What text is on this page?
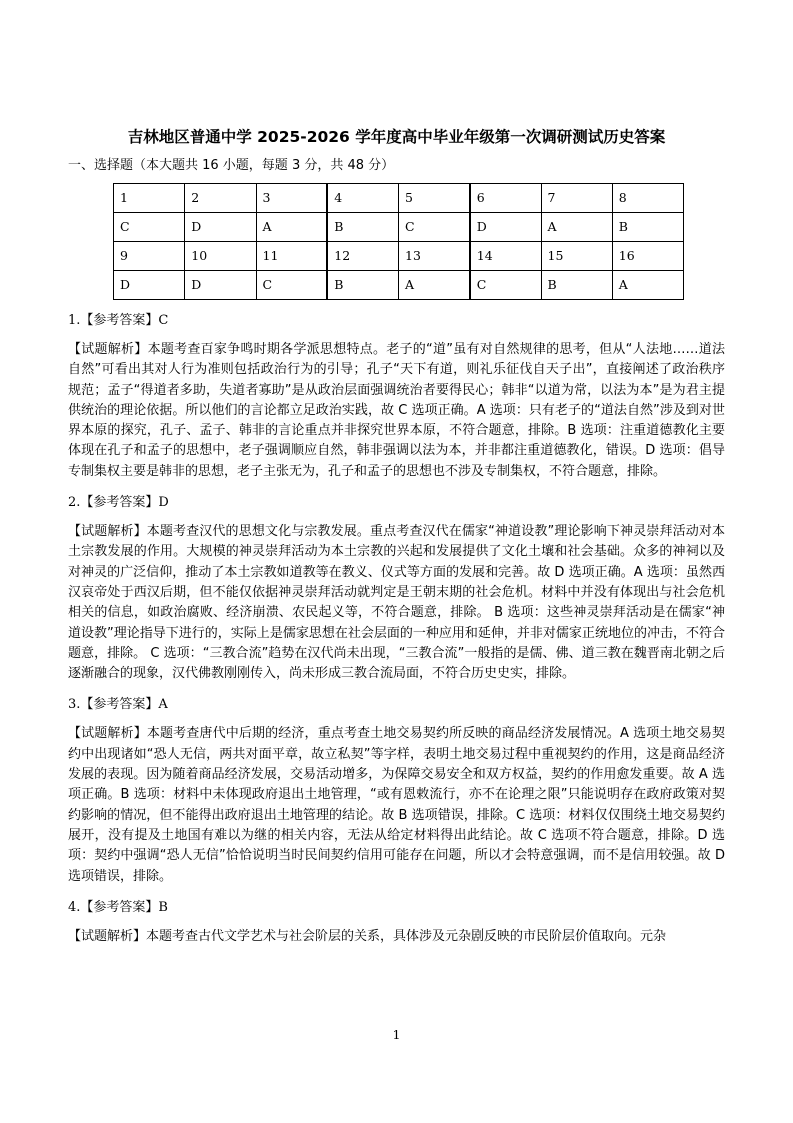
吉林地区普通中学 2025-2026 学年度高中毕业年级第一次调研测试历史答案
一、选择题（本大题共 16 小题，每题 3 分，共 48 分）
1	2	3	4	5	6	7	8
C	D	A	B	C	D	A	B
9	10	11	12	13	14	15	16
D	D	C	B	A	C	B	A
1.【参考答案】C
【试题解析】本题考查百家争鸣时期各学派思想特点。老子的“道”虽有对自然规律的思考，但从“人法地……道法自然”可看出其对人行为准则包括政治行为的引导；孔子“天下有道，则礼乐征伐自天子出”，直接阐述了政治秩序规范；孟子“得道者多助，失道者寡助”是从政治层面强调统治者要得民心；韩非“以道为常，以法为本”是为君主提供统治的理论依据。所以他们的言论都立足政治实践，故 C 选项正确。A 选项：只有老子的“道法自然”涉及到对世界本原的探究，孔子、孟子、韩非的言论重点并非探究世界本原，不符合题意，排除。B 选项：注重道德教化主要体现在孔子和孟子的思想中，老子强调顺应自然，韩非强调以法为本，并非都注重道德教化，错误。D 选项：倡导专制集权主要是韩非的思想，老子主张无为，孔子和孟子的思想也不涉及专制集权，不符合题意，排除。
2.【参考答案】D
【试题解析】本题考查汉代的思想文化与宗教发展。重点考查汉代在儒家“神道设教”理论影响下神灵崇拜活动对本土宗教发展的作用。大规模的神灵崇拜活动为本土宗教的兴起和发展提供了文化土壤和社会基础。众多的神祠以及对神灵的广泛信仰，推动了本土宗教如道教等在教义、仪式等方面的发展和完善。故 D 选项正确。A 选项：虽然西汉哀帝处于西汉后期，但不能仅依据神灵崇拜活动就判定是王朝末期的社会危机。材料中并没有体现出与社会危机相关的信息，如政治腐败、经济崩溃、农民起义等，不符合题意，排除。 B 选项：这些神灵崇拜活动是在儒家“神道设教”理论指导下进行的，实际上是儒家思想在社会层面的一种应用和延伸，并非对儒家正统地位的冲击，不符合题意，排除。 C 选项：“三教合流”趋势在汉代尚未出现，“三教合流”一般指的是儒、佛、道三教在魏晋南北朝之后逐渐融合的现象，汉代佛教刚刚传入，尚未形成三教合流局面，不符合历史史实，排除。
3.【参考答案】A
【试题解析】本题考查唐代中后期的经济，重点考查土地交易契约所反映的商品经济发展情况。A 选项土地交易契约中出现诸如“恐人无信，两共对面平章，故立私契”等字样，表明土地交易过程中重视契约的作用，这是商品经济发展的表现。因为随着商品经济发展，交易活动增多，为保障交易安全和双方权益，契约的作用愈发重要。故 A 选项正确。B 选项：材料中未体现政府退出土地管理，“或有恩敕流行，亦不在论理之限”只能说明存在政府政策对契约影响的情况，但不能得出政府退出土地管理的结论。故 B 选项错误，排除。C 选项：材料仅仅围绕土地交易契约展开，没有提及土地国有难以为继的相关内容，无法从给定材料得出此结论。故 C 选项不符合题意，排除。D 选项：契约中强调“恐人无信”恰恰说明当时民间契约信用可能存在问题，所以才会特意强调，而不是信用较强。故 D 选项错误，排除。
4.【参考答案】B
【试题解析】本题考查古代文学艺术与社会阶层的关系，具体涉及元杂剧反映的市民阶层价值取向。元杂
1
